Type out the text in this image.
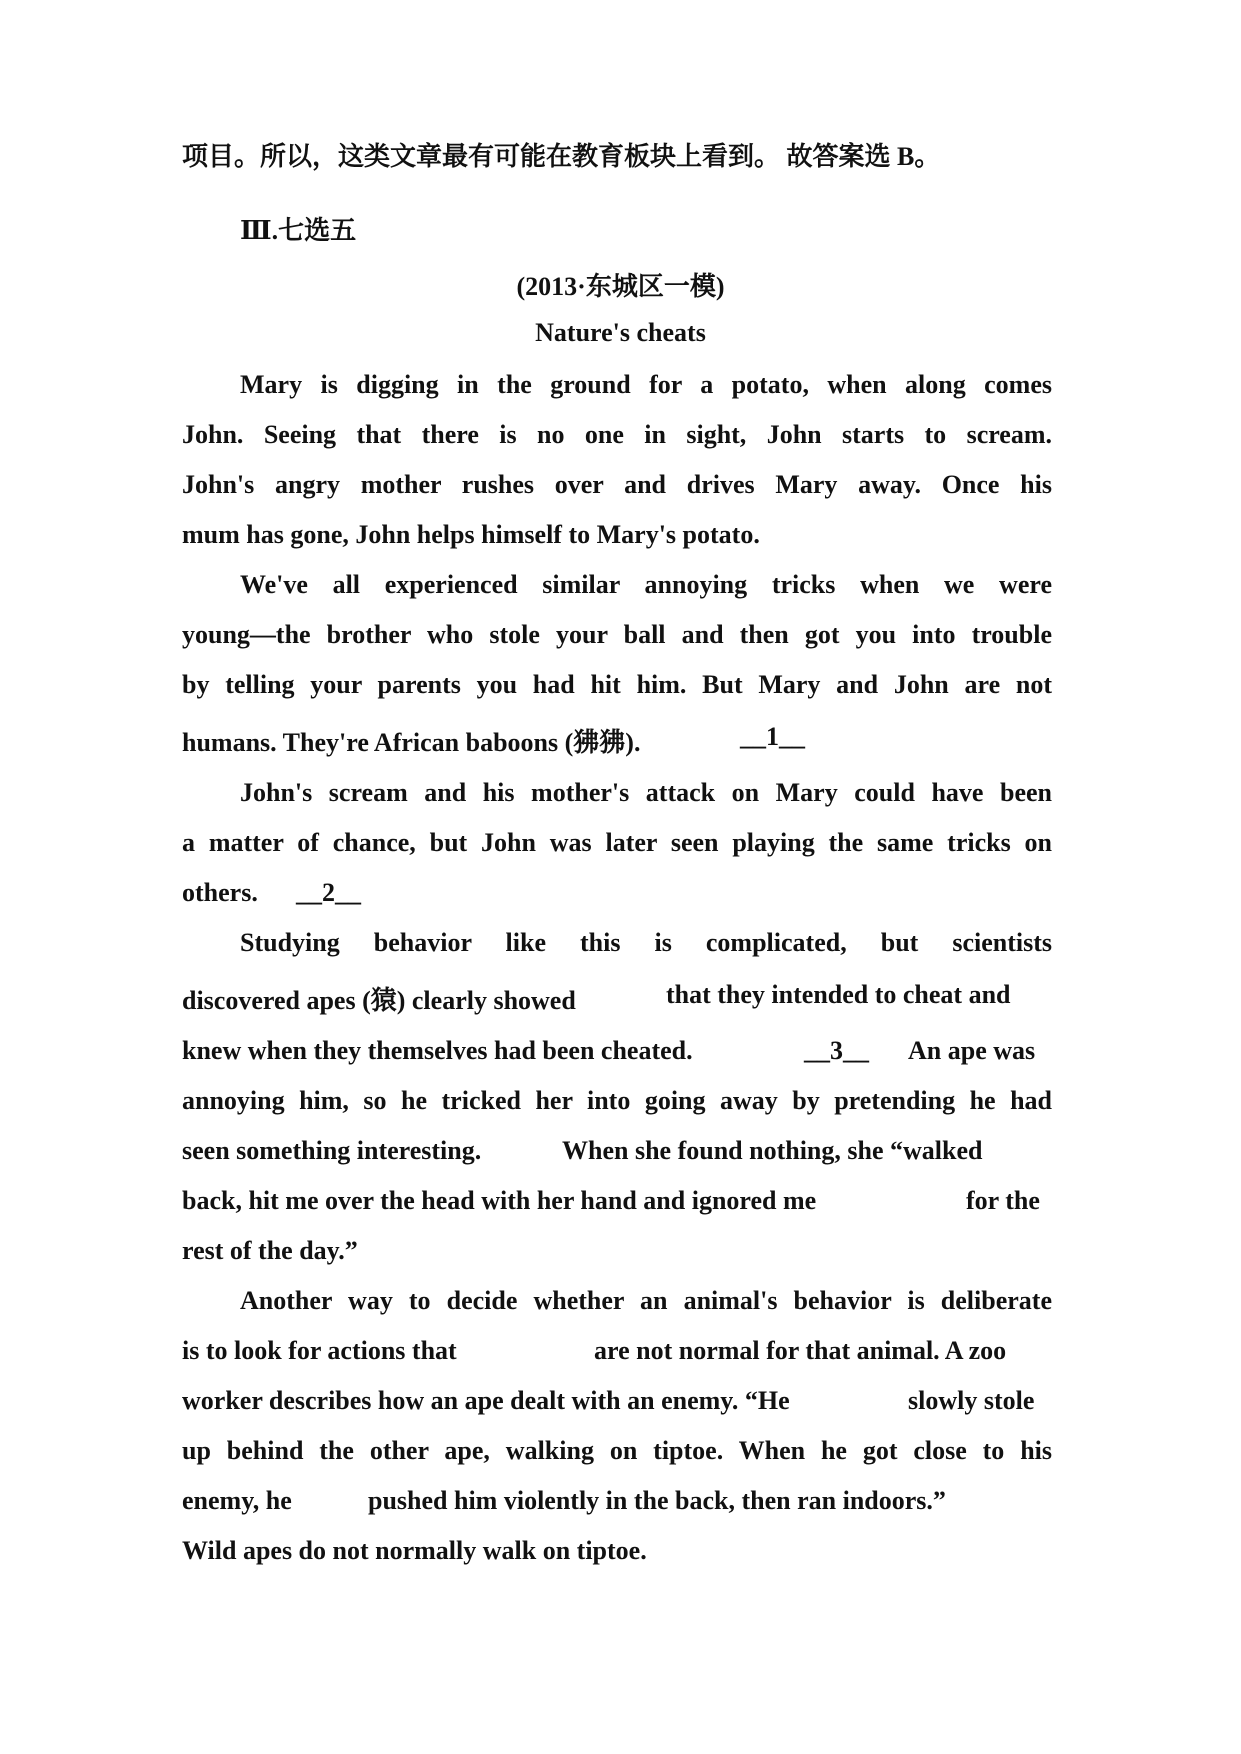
项目。所以，这类文章最有可能在教育板块上看到。 故答案选 B。
Ⅲ.七选五
(2013·东城区一模)
Nature's cheats
Mary is digging in the ground for a potato, when along comes
John. Seeing that there is no one in sight, John starts to scream.
John's angry mother rushes over and drives Mary away. Once his
mum has gone, John helps himself to Mary's potato.
We've all experienced similar annoying tricks when we were
young—the brother who stole your ball and then got you into trouble
by telling your parents you had hit him. But Mary and John are not
humans. They're African baboons (狒狒).	__1__
John's scream and his mother's attack on Mary could have been
a matter of chance, but John was later seen playing the same tricks on
others. __2__
Studying behavior like this is complicated, but scientists
discovered apes (猿) clearly showed	that they intended to cheat and
knew when they themselves had been cheated.	__3__ An ape was
annoying him, so he tricked her into going away by pretending he had
seen something interesting.	When she found nothing, she “walked
back, hit me over the head with her hand and ignored me	for the
rest of the day.”
Another way to decide whether an animal's behavior is deliberate
is to look for actions that	are not normal for that animal. A zoo
worker describes how an ape dealt with an enemy. “He	slowly stole
up behind the other ape, walking on tiptoe. When he got close to his
enemy, he	pushed him violently in the back, then ran indoors.”
Wild apes do not normally walk on tiptoe.
